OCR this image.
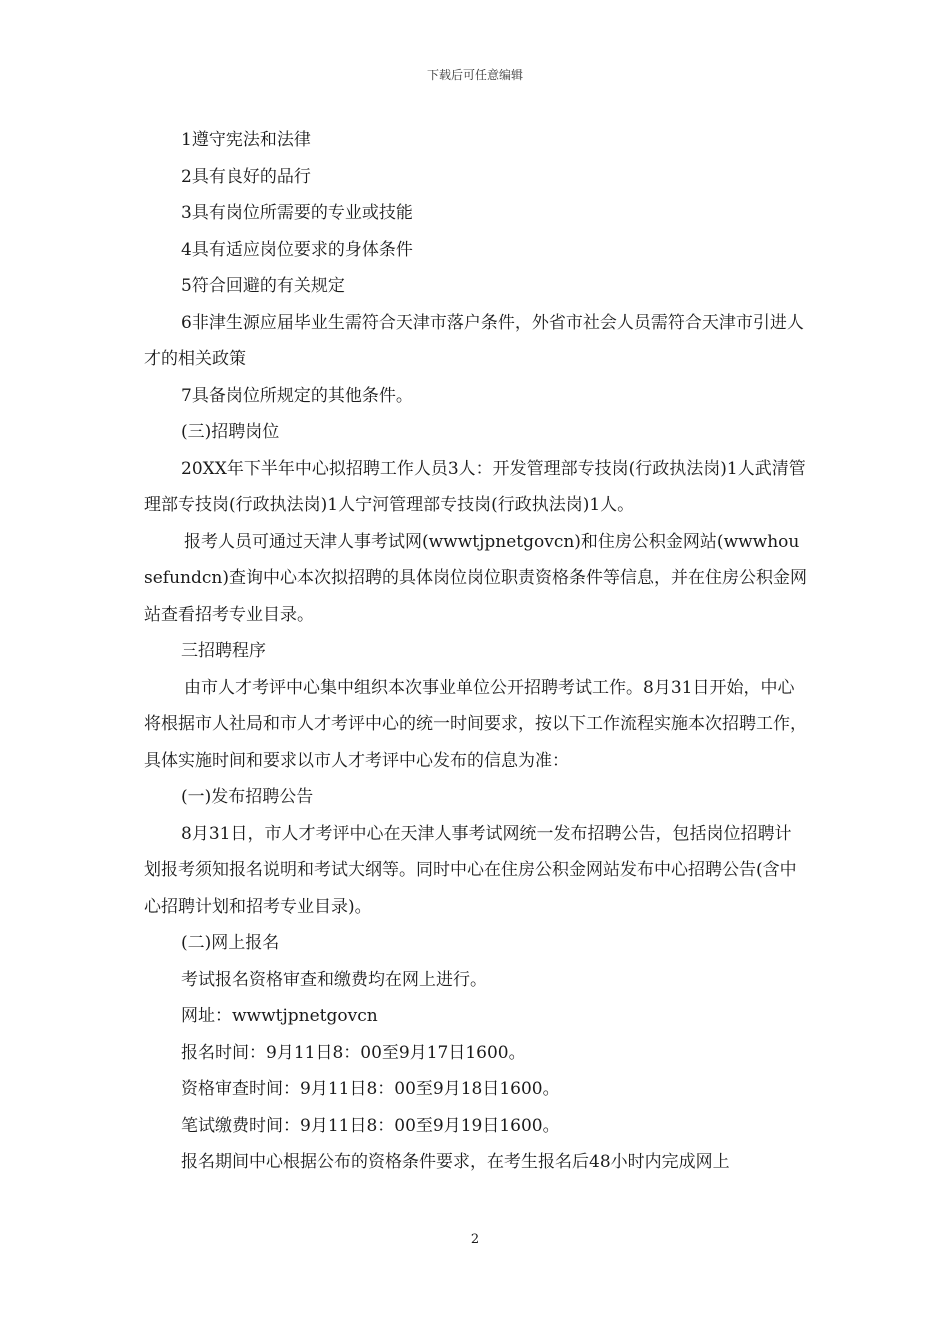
下载后可任意编辑

1遵守宪法和法律

2具有良好的品行

3具有岗位所需要的专业或技能

4具有适应岗位要求的身体条件

5符合回避的有关规定

6非津生源应届毕业生需符合天津市落户条件，外省市社会人员需符合天津市引进人才的相关政策

7具备岗位所规定的其他条件。

(三)招聘岗位

20XX年下半年中心拟招聘工作人员3人：开发管理部专技岗(行政执法岗)1人武清管理部专技岗(行政执法岗)1人宁河管理部专技岗(行政执法岗)1人。

报考人员可通过天津人事考试网(wwwtjpnetgovcn)和住房公积金网站(wwwhousefundcn)查询中心本次拟招聘的具体岗位岗位职责资格条件等信息，并在住房公积金网站查看招考专业目录。

三招聘程序

由市人才考评中心集中组织本次事业单位公开招聘考试工作。8月31日开始，中心将根据市人社局和市人才考评中心的统一时间要求，按以下工作流程实施本次招聘工作，具体实施时间和要求以市人才考评中心发布的信息为准：

(一)发布招聘公告

8月31日，市人才考评中心在天津人事考试网统一发布招聘公告，包括岗位招聘计划报考须知报名说明和考试大纲等。同时中心在住房公积金网站发布中心招聘公告(含中心招聘计划和招考专业目录)。

(二)网上报名

考试报名资格审查和缴费均在网上进行。

网址：wwwtjpnetgovcn

报名时间：9月11日8：00至9月17日1600。

资格审查时间：9月11日8：00至9月18日1600。

笔试缴费时间：9月11日8：00至9月19日1600。

报名期间中心根据公布的资格条件要求，在考生报名后48小时内完成网上

2
